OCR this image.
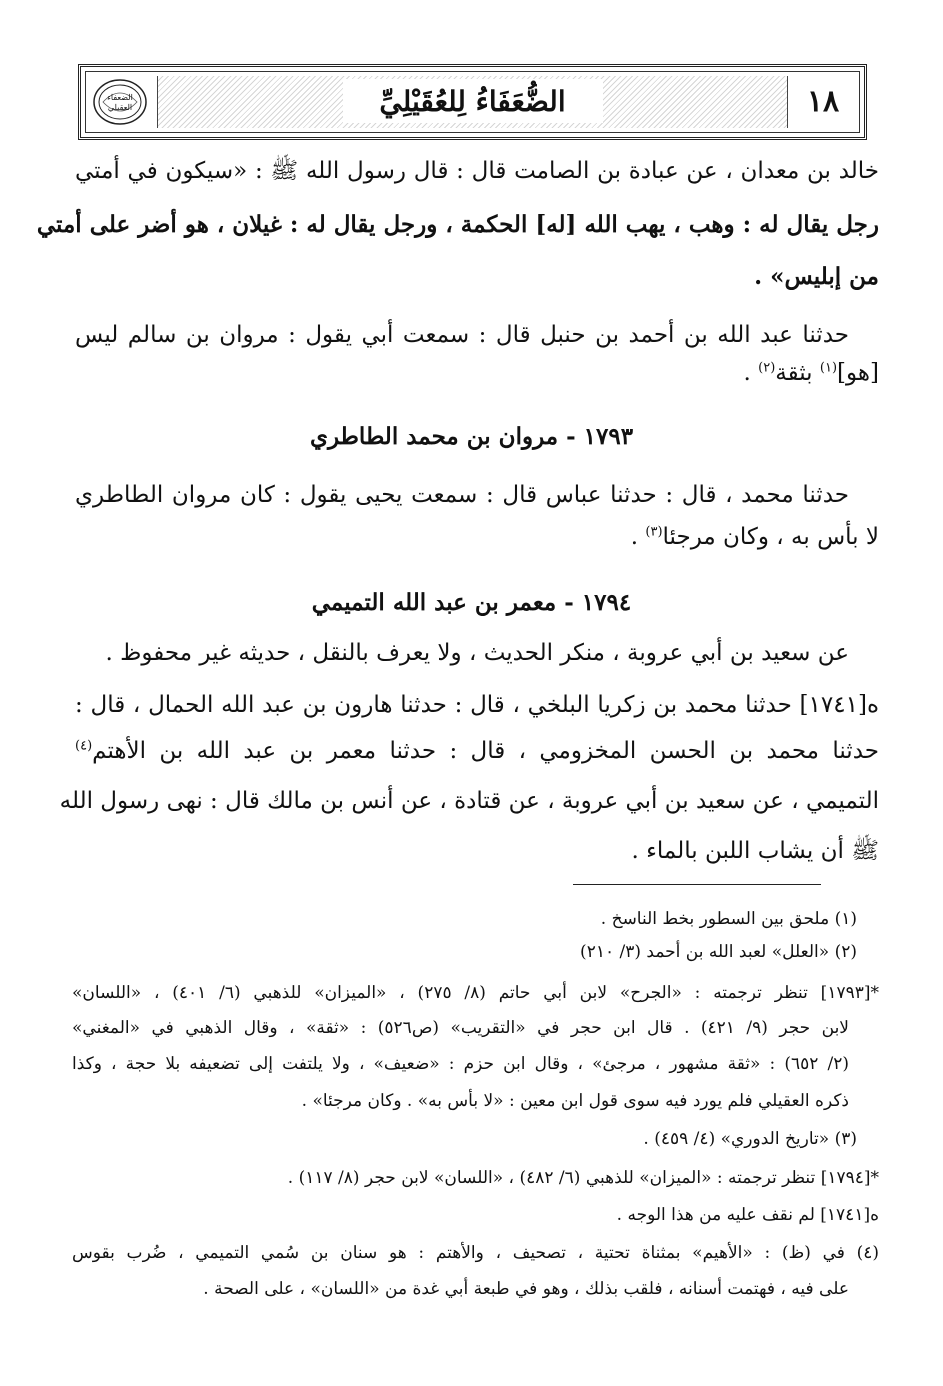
الضُّعَفَاءُ لِلعُقَيْلِيِّ	١٨
الضعفاء
العقيلي
خالد بن معدان ، عن عبادة بن الصامت قال : قال رسول الله ﷺ : «سيكون في أمتي
رجل يقال له : وهب ، يهب الله [له] الحكمة ، ورجل يقال له : غيلان ، هو أضر على أمتي
من إبليس» .
حدثنا عبد الله بن أحمد بن حنبل قال : سمعت أبي يقول : مروان بن سالم ليس
[هو]$^{(١)}$ بثقة$^{(٢)}$ .
١٧٩٣ - مروان بن محمد الطاطري
حدثنا محمد ، قال : حدثنا عباس قال : سمعت يحيى يقول : كان مروان الطاطري
لا بأس به ، وكان مرجئا$^{(٣)}$ .
١٧٩٤ - معمر بن عبد الله التميمي
عن سعيد بن أبي عروبة ، منكر الحديث ، ولا يعرف بالنقل ، حديثه غير محفوظ .
ه[١٧٤١] حدثنا محمد بن زكريا البلخي ، قال : حدثنا هارون بن عبد الله الحمال ، قال :
حدثنا محمد بن الحسن المخزومي ، قال : حدثنا معمر بن عبد الله بن الأهتم$^{(٤)}$
التميمي ، عن سعيد بن أبي عروبة ، عن قتادة ، عن أنس بن مالك قال : نهى رسول الله
ﷺ أن يشاب اللبن بالماء .
(١) ملحق بين السطور بخط الناسخ .
(٢) «العلل» لعبد الله بن أحمد (٣/ ٢١٠)
*[١٧٩٣] تنظر ترجمته : «الجرح» لابن أبي حاتم (٨/ ٢٧٥) ، «الميزان» للذهبي (٦/ ٤٠١) ، «اللسان»
لابن حجر (٩/ ٤٢١) . قال ابن حجر في «التقريب» (ص٥٢٦) : «ثقة» ، وقال الذهبي في «المغني»
(٢/ ٦٥٢) : «ثقة مشهور ، مرجئ» ، وقال ابن حزم : «ضعيف» ، ولا يلتفت إلى تضعيفه بلا حجة ، وكذا
ذكره العقيلي فلم يورد فيه سوى قول ابن معين : «لا بأس به» . وكان مرجئا» .
(٣) «تاريخ الدوري» (٤/ ٤٥٩) .
*[١٧٩٤] تنظر ترجمته : «الميزان» للذهبي (٦/ ٤٨٢) ، «اللسان» لابن حجر (٨/ ١١٧) .
ه[١٧٤١] لم نقف عليه من هذا الوجه .
(٤) في (ظ) : «الأهيم» بمثناة تحتية ، تصحيف ، والأهتم : هو سنان بن سُمي التميمي ، ضُرب بقوس
على فيه ، فهتمت أسنانه ، فلقب بذلك ، وهو في طبعة أبي غدة من «اللسان» ، على الصحة .
